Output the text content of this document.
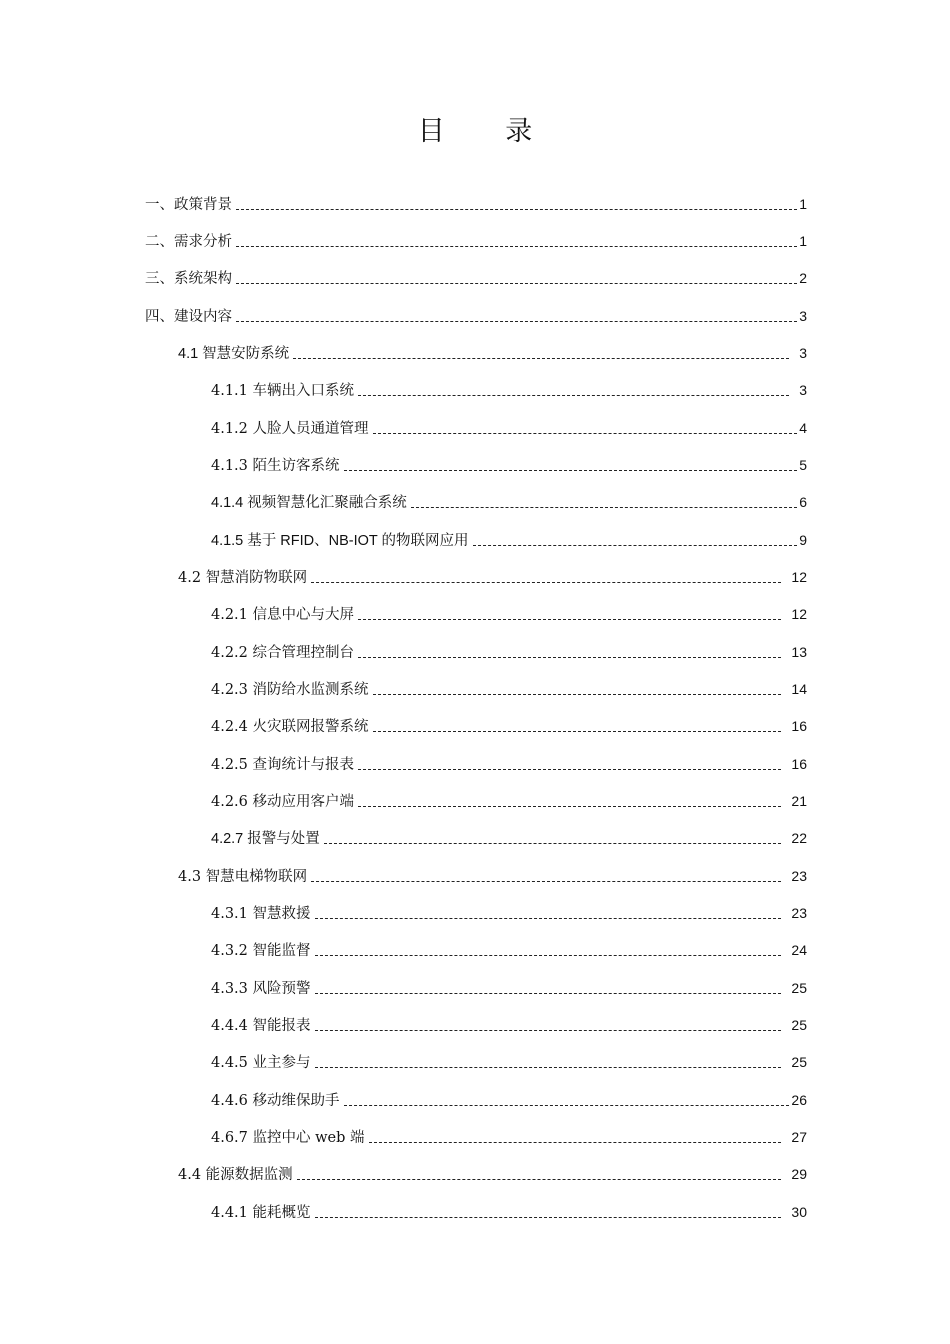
目 录
一、政策背景	1
二、需求分析	1
三、系统架构	2
四、建设内容	3
4.1 智慧安防系统	3
4.1.1 车辆出入口系统	3
4.1.2 人脸人员通道管理	4
4.1.3 陌生访客系统	5
4.1.4 视频智慧化汇聚融合系统	6
4.1.5 基于 RFID、NB-IOT 的物联网应用	9
4.2 智慧消防物联网	12
4.2.1 信息中心与大屏	12
4.2.2 综合管理控制台	13
4.2.3 消防给水监测系统	14
4.2.4 火灾联网报警系统	16
4.2.5 查询统计与报表	16
4.2.6 移动应用客户端	21
4.2.7 报警与处置	22
4.3 智慧电梯物联网	23
4.3.1 智慧救援	23
4.3.2 智能监督	24
4.3.3 风险预警	25
4.4.4 智能报表	25
4.4.5 业主参与	25
4.4.6 移动维保助手	26
4.6.7 监控中心 web 端	27
4.4 能源数据监测	29
4.4.1 能耗概览	30
